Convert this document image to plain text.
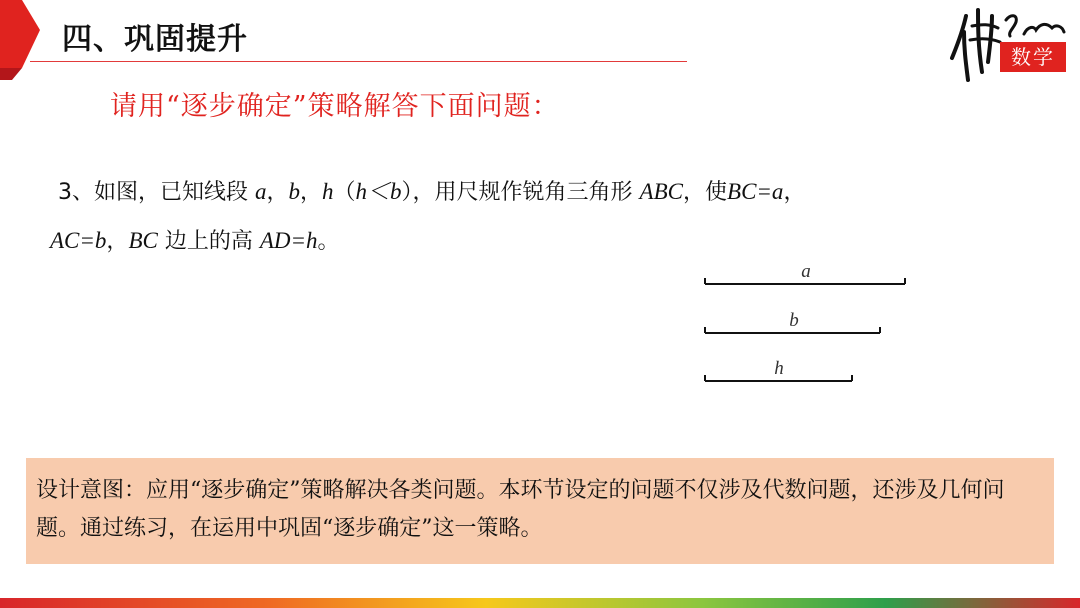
四、巩固提升	数学
请用“逐步确定”策略解答下面问题：
3、如图，已知线段 a，b，h（h＜b），用尺规作锐角三角形 ABC，使BC=a，
AC=b，BC 边上的高 AD=h。
a
b
h
设计意图：应用“逐步确定”策略解决各类问题。本环节设定的问题不仅涉及代数问题，还涉及几何问题。通过练习，在运用中巩固“逐步确定”这一策略。
